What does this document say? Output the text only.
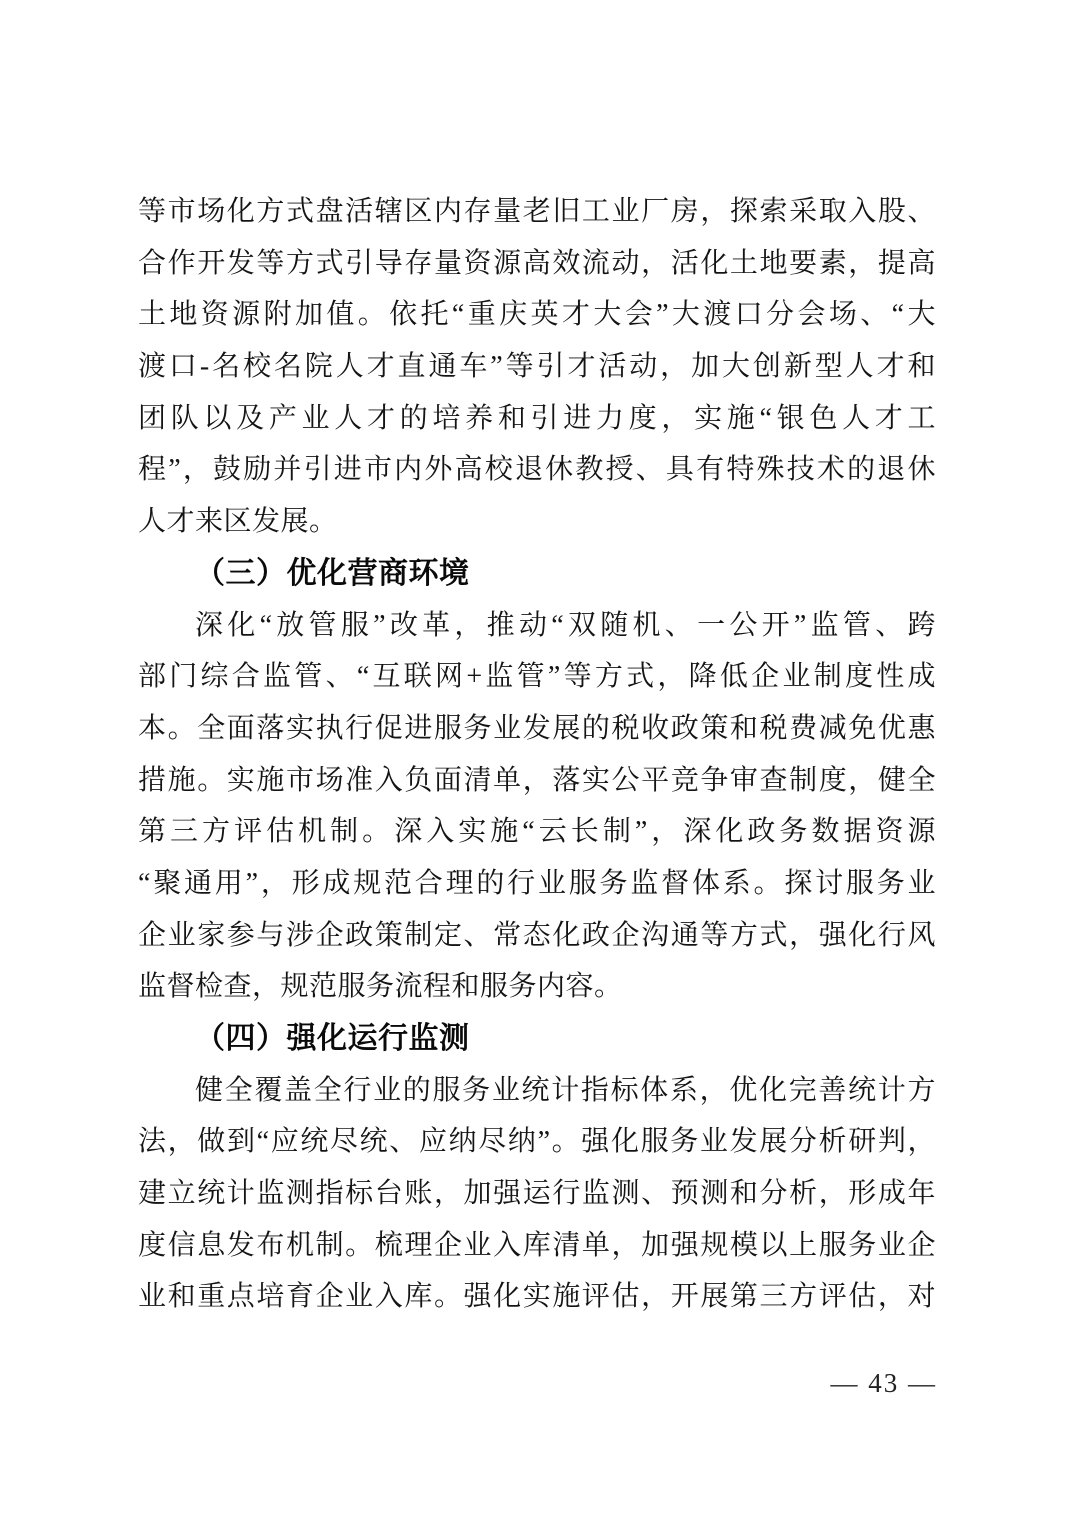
等市场化方式盘活辖区内存量老旧工业厂房，探索采取入股、
合作开发等方式引导存量资源高效流动，活化土地要素，提高
土地资源附加值。依托“重庆英才大会”大渡口分会场、“大
渡口-名校名院人才直通车”等引才活动，加大创新型人才和
团队以及产业人才的培养和引进力度，实施“银色人才工
程”，鼓励并引进市内外高校退休教授、具有特殊技术的退休
人才来区发展。
（三）优化营商环境
深化“放管服”改革，推动“双随机、一公开”监管、跨
部门综合监管、“互联网+监管”等方式，降低企业制度性成
本。全面落实执行促进服务业发展的税收政策和税费减免优惠
措施。实施市场准入负面清单，落实公平竞争审查制度，健全
第三方评估机制。深入实施“云长制”，深化政务数据资源
“聚通用”，形成规范合理的行业服务监督体系。探讨服务业
企业家参与涉企政策制定、常态化政企沟通等方式，强化行风
监督检查，规范服务流程和服务内容。
（四）强化运行监测
健全覆盖全行业的服务业统计指标体系，优化完善统计方
法，做到“应统尽统、应纳尽纳”。强化服务业发展分析研判，
建立统计监测指标台账，加强运行监测、预测和分析，形成年
度信息发布机制。梳理企业入库清单，加强规模以上服务业企
业和重点培育企业入库。强化实施评估，开展第三方评估，对
— 43 —
